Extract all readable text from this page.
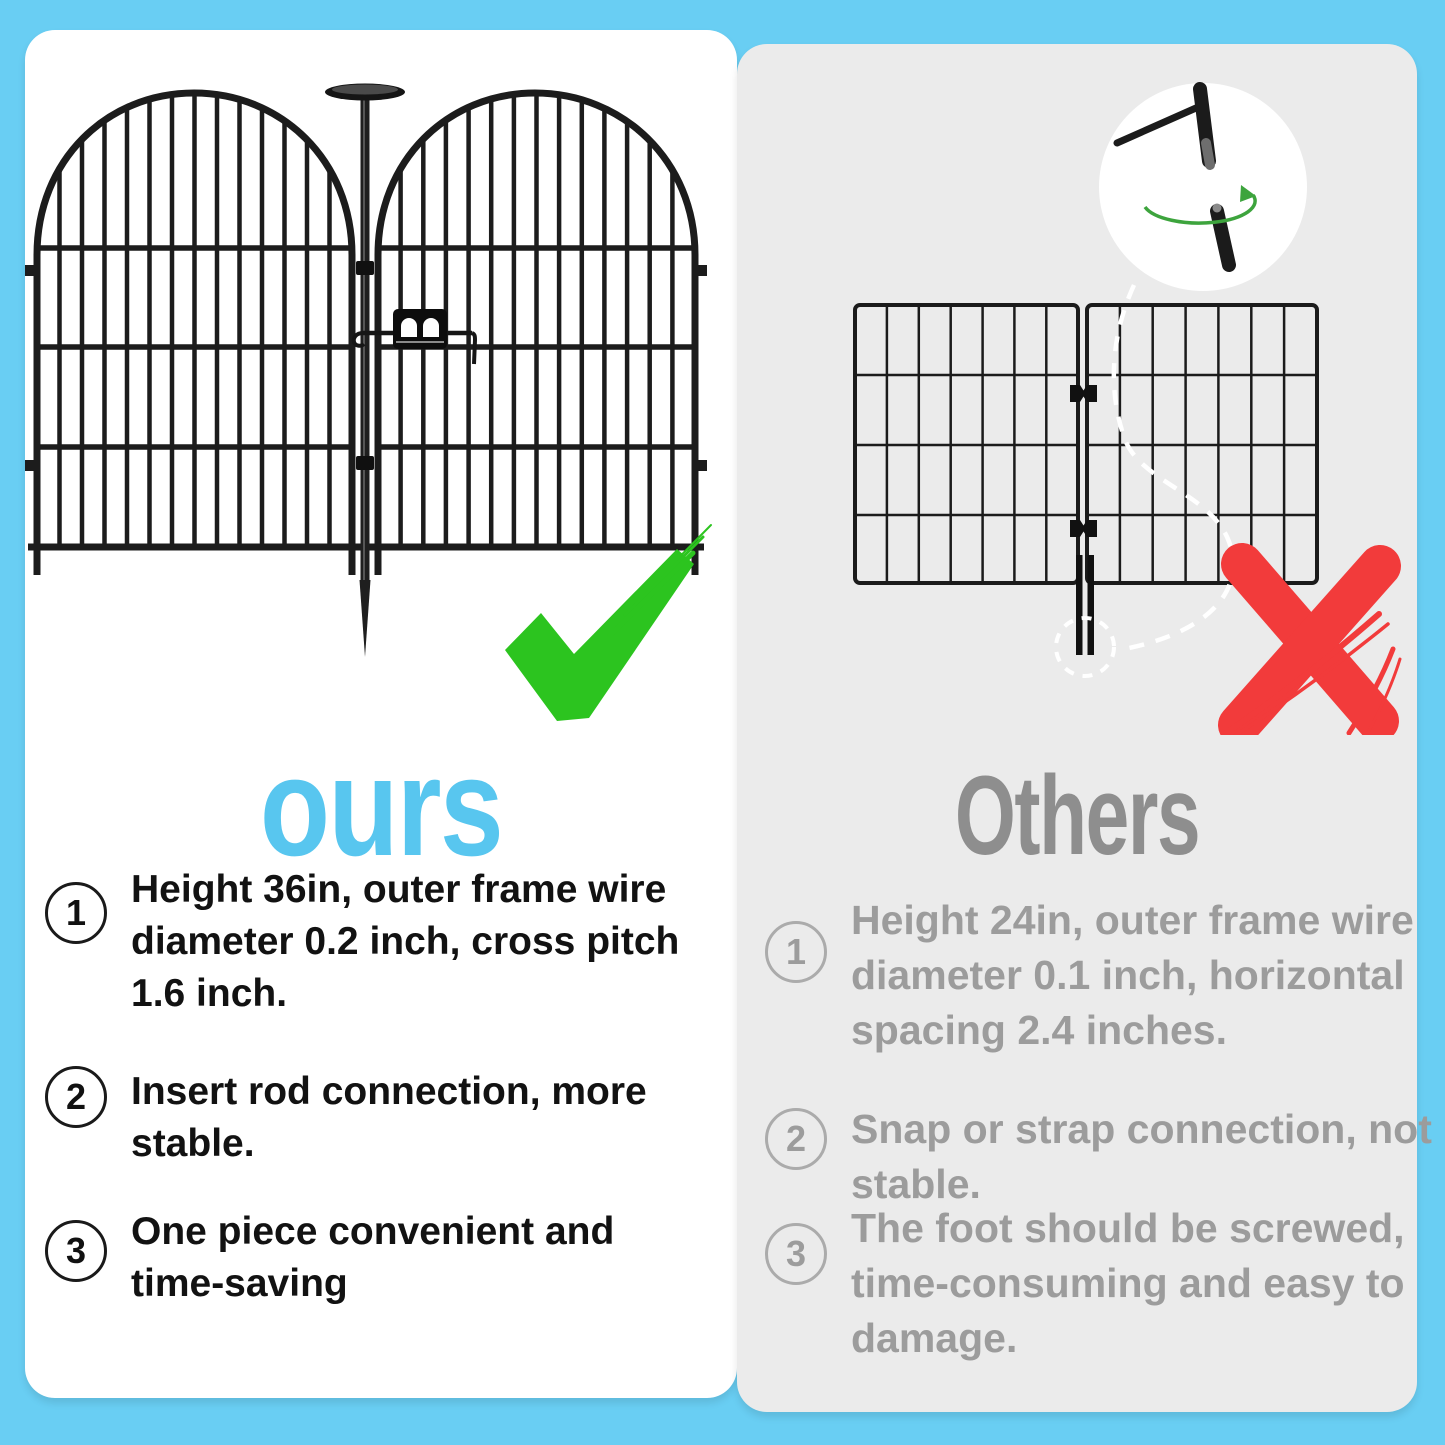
ours
1
Height 36in, outer frame wire
diameter 0.2 inch, cross pitch
1.6 inch.
2	Insert rod connection, more
stable.
3	One piece convenient and
time-saving
Others
1
Height 24in, outer frame wire
diameter 0.1 inch, horizontal
spacing 2.4 inches.
2	Snap or strap connection, not
stable.
3
The foot should be screwed,
time-consuming and easy to
damage.
